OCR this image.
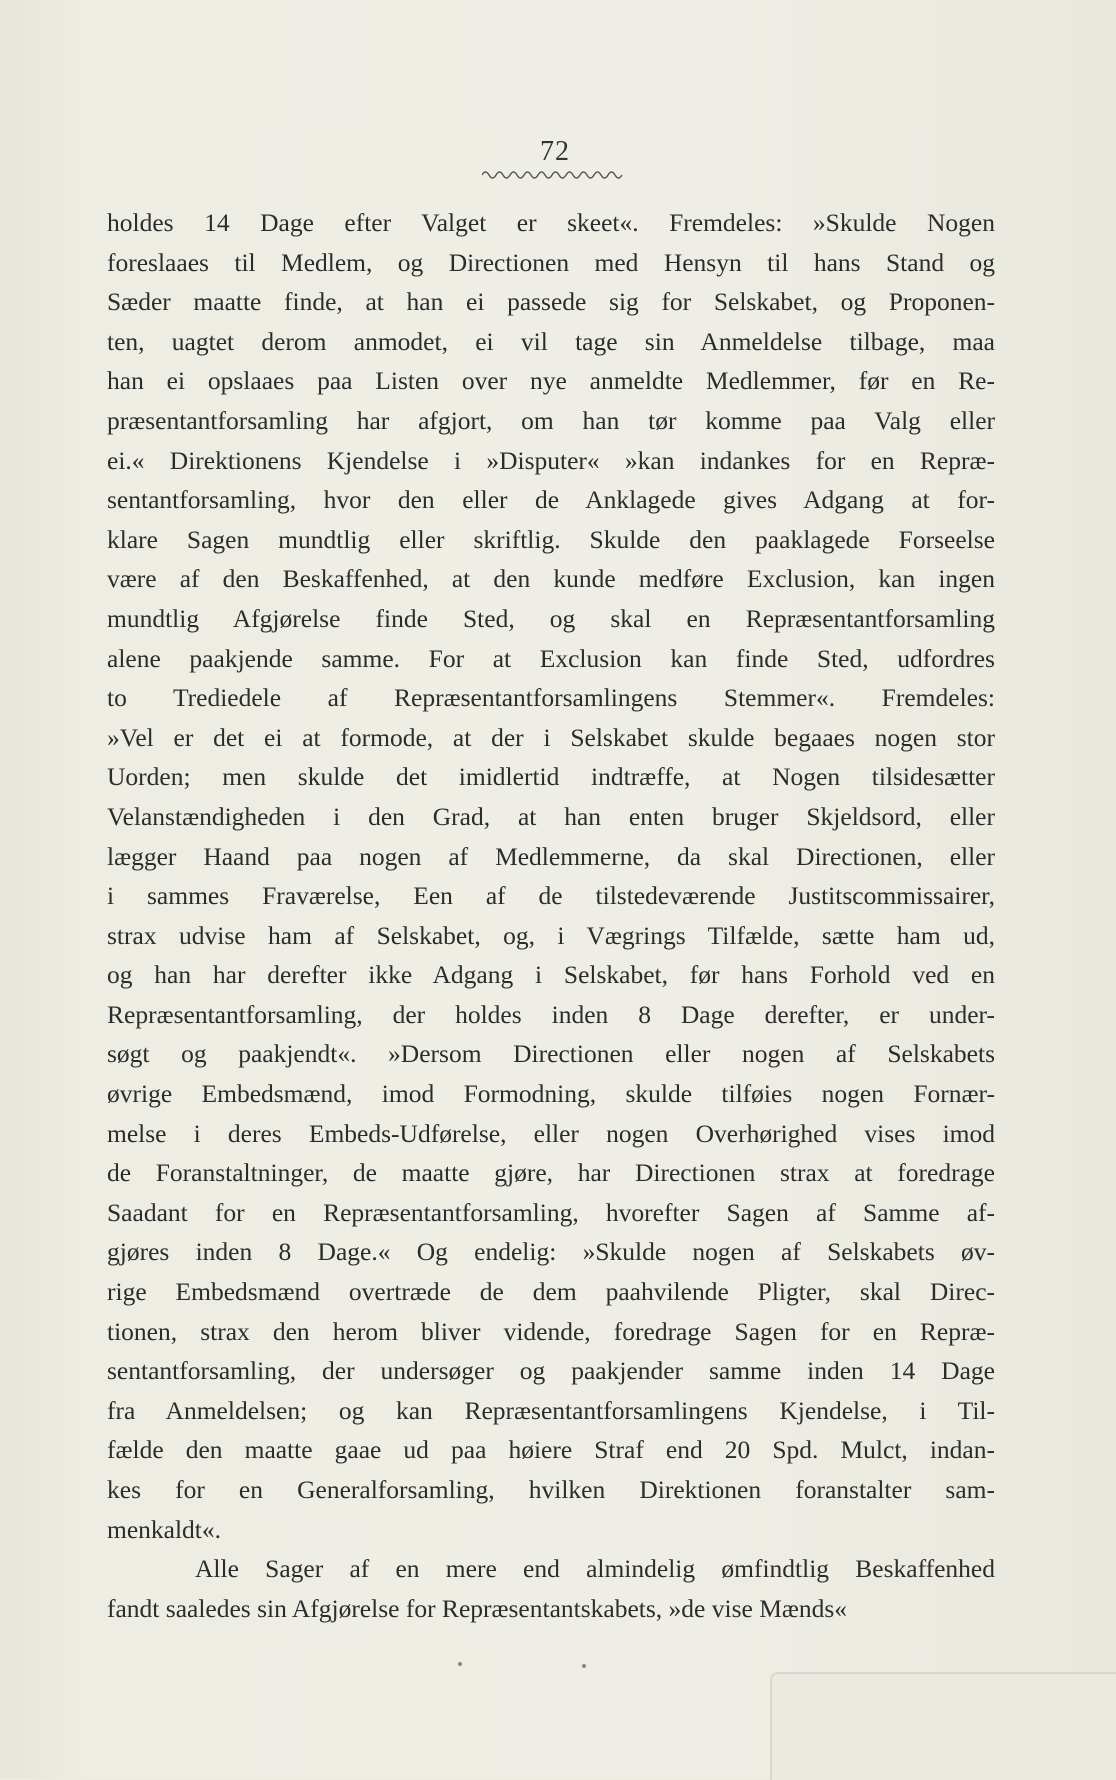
72
holdes 14 Dage efter Valget er skeet«. Fremdeles: »Skulde Nogen
foreslaaes til Medlem, og Directionen med Hensyn til hans Stand og
Sæder maatte finde, at han ei passede sig for Selskabet, og Proponen-
ten, uagtet derom anmodet, ei vil tage sin Anmeldelse tilbage, maa
han ei opslaaes paa Listen over nye anmeldte Medlemmer, før en Re-
præsentantforsamling har afgjort, om han tør komme paa Valg eller
ei.« Direktionens Kjendelse i »Disputer« »kan indankes for en Repræ-
sentantforsamling, hvor den eller de Anklagede gives Adgang at for-
klare Sagen mundtlig eller skriftlig. Skulde den paaklagede Forseelse
være af den Beskaffenhed, at den kunde medføre Exclusion, kan ingen
mundtlig Afgjørelse finde Sted, og skal en Repræsentantforsamling
alene paakjende samme. For at Exclusion kan finde Sted, udfordres
to Trediedele af Repræsentantforsamlingens Stemmer«. Fremdeles:
»Vel er det ei at formode, at der i Selskabet skulde begaaes nogen stor
Uorden; men skulde det imidlertid indtræffe, at Nogen tilsidesætter
Velanstændigheden i den Grad, at han enten bruger Skjeldsord, eller
lægger Haand paa nogen af Medlemmerne, da skal Directionen, eller
i sammes Fraværelse, Een af de tilstedeværende Justitscommissairer,
strax udvise ham af Selskabet, og, i Vægrings Tilfælde, sætte ham ud,
og han har derefter ikke Adgang i Selskabet, før hans Forhold ved en
Repræsentantforsamling, der holdes inden 8 Dage derefter, er under-
søgt og paakjendt«. »Dersom Directionen eller nogen af Selskabets
øvrige Embedsmænd, imod Formodning, skulde tilføies nogen Fornær-
melse i deres Embeds-Udførelse, eller nogen Overhørighed vises imod
de Foranstaltninger, de maatte gjøre, har Directionen strax at foredrage
Saadant for en Repræsentantforsamling, hvorefter Sagen af Samme af-
gjøres inden 8 Dage.« Og endelig: »Skulde nogen af Selskabets øv-
rige Embedsmænd overtræde de dem paahvilende Pligter, skal Direc-
tionen, strax den herom bliver vidende, foredrage Sagen for en Repræ-
sentantforsamling, der undersøger og paakjender samme inden 14 Dage
fra Anmeldelsen; og kan Repræsentantforsamlingens Kjendelse, i Til-
fælde den maatte gaae ud paa høiere Straf end 20 Spd. Mulct, indan-
kes for en Generalforsamling, hvilken Direktionen foranstalter sam-
menkaldt«.
Alle Sager af en mere end almindelig ømfindtlig Beskaffenhed
fandt saaledes sin Afgjørelse for Repræsentantskabets, »de vise Mænds«
